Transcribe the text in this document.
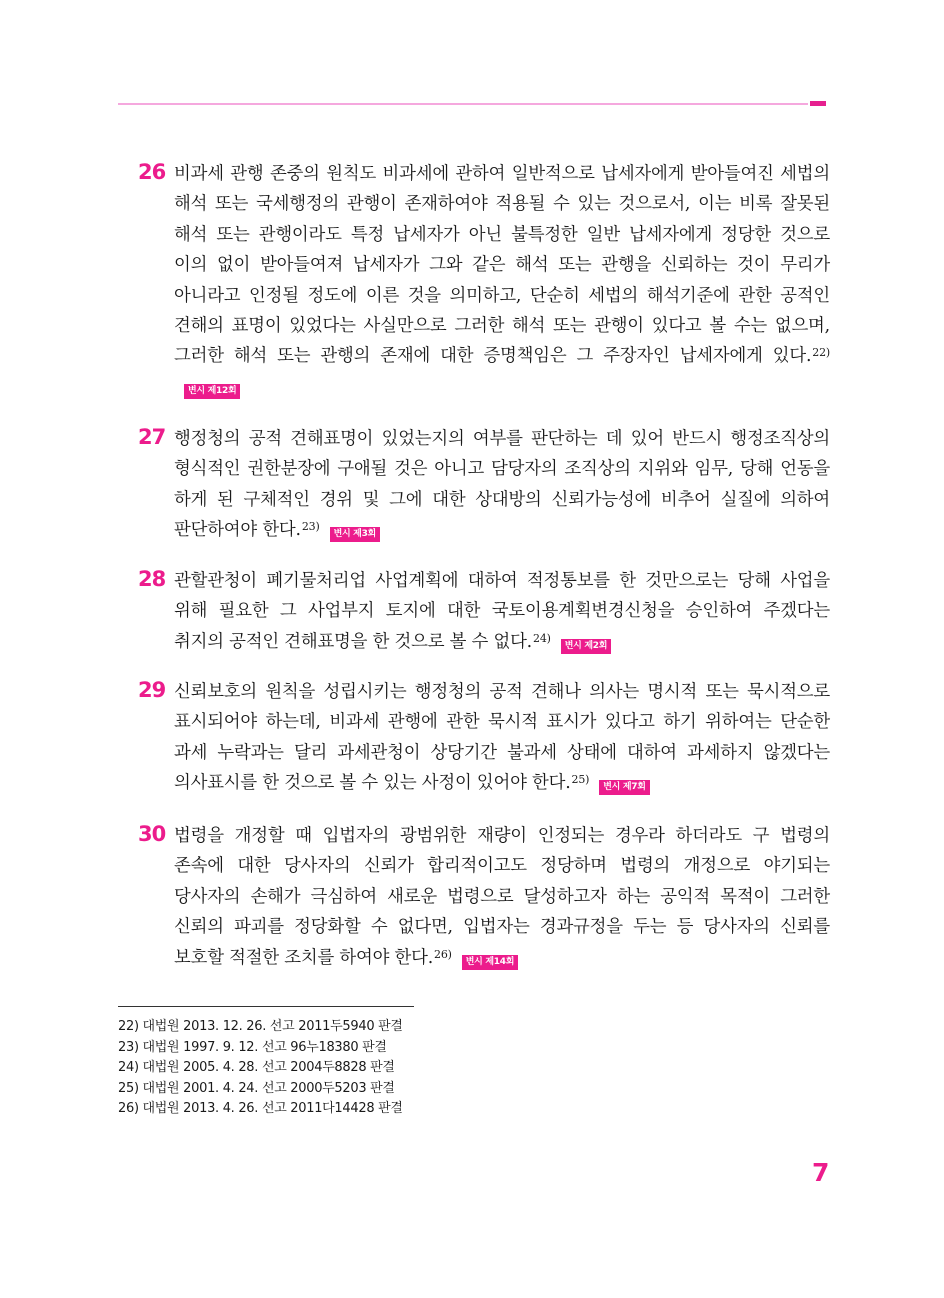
26 비과세 관행 존중의 원칙도 비과세에 관하여 일반적으로 납세자에게 받아들여진 세법의 해석 또는 국세행정의 관행이 존재하여야 적용될 수 있는 것으로서, 이는 비록 잘못된 해석 또는 관행이라도 특정 납세자가 아닌 불특정한 일반 납세자에게 정당한 것으로 이의 없이 받아들여져 납세자가 그와 같은 해석 또는 관행을 신뢰하는 것이 무리가 아니라고 인정될 정도에 이른 것을 의미하고, 단순히 세법의 해석기준에 관한 공적인 견해의 표명이 있었다는 사실만으로 그러한 해석 또는 관행이 있다고 볼 수는 없으며, 그러한 해석 또는 관행의 존재에 대한 증명책임은 그 주장자인 납세자에게 있다.$^{22)}$변시 제12회
27 행정청의 공적 견해표명이 있었는지의 여부를 판단하는 데 있어 반드시 행정조직상의 형식적인 권한분장에 구애될 것은 아니고 담당자의 조직상의 지위와 임무, 당해 언동을 하게 된 구체적인 경위 및 그에 대한 상대방의 신뢰가능성에 비추어 실질에 의하여 판단하여야 한다.$^{23)}$변시 제3회
28 관할관청이 폐기물처리업 사업계획에 대하여 적정통보를 한 것만으로는 당해 사업을 위해 필요한 그 사업부지 토지에 대한 국토이용계획변경신청을 승인하여 주겠다는 취지의 공적인 견해표명을 한 것으로 볼 수 없다.$^{24)}$변시 제2회
29 신뢰보호의 원칙을 성립시키는 행정청의 공적 견해나 의사는 명시적 또는 묵시적으로 표시되어야 하는데, 비과세 관행에 관한 묵시적 표시가 있다고 하기 위하여는 단순한 과세 누락과는 달리 과세관청이 상당기간 불과세 상태에 대하여 과세하지 않겠다는 의사표시를 한 것으로 볼 수 있는 사정이 있어야 한다.$^{25)}$변시 제7회
30 법령을 개정할 때 입법자의 광범위한 재량이 인정되는 경우라 하더라도 구 법령의 존속에 대한 당사자의 신뢰가 합리적이고도 정당하며 법령의 개정으로 야기되는 당사자의 손해가 극심하여 새로운 법령으로 달성하고자 하는 공익적 목적이 그러한 신뢰의 파괴를 정당화할 수 없다면, 입법자는 경과규정을 두는 등 당사자의 신뢰를 보호할 적절한 조치를 하여야 한다.$^{26)}$변시 제14회
22) 대법원 2013. 12. 26. 선고 2011두5940 판결
23) 대법원 1997. 9. 12. 선고 96누18380 판결
24) 대법원 2005. 4. 28. 선고 2004두8828 판결
25) 대법원 2001. 4. 24. 선고 2000두5203 판결
26) 대법원 2013. 4. 26. 선고 2011다14428 판결
7
